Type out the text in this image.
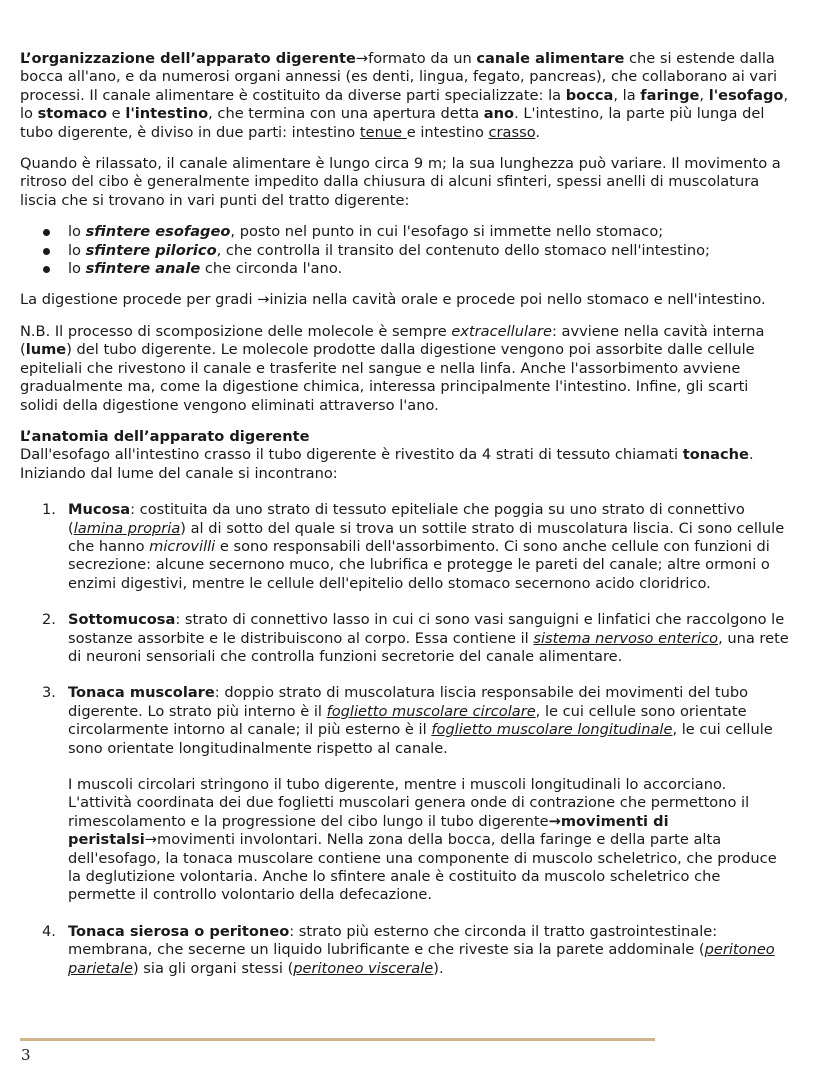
L’organizzazione dell’apparato digerente→formato da un canale alimentare che si estende dalla bocca all'ano, e da numerosi organi annessi (es denti, lingua, fegato, pancreas), che collaborano ai vari processi. Il canale alimentare è costituito da diverse parti specializzate: la bocca, la faringe, l'esofago, lo stomaco e l'intestino, che termina con una apertura detta ano. L'intestino, la parte più lunga del tubo digerente, è diviso in due parti: intestino tenue e intestino crasso.

Quando è rilassato, il canale alimentare è lungo circa 9 m; la sua lunghezza può variare. Il movimento a ritroso del cibo è generalmente impedito dalla chiusura di alcuni sfinteri, spessi anelli di muscolatura liscia che si trovano in vari punti del tratto digerente:

lo sfintere esofageo, posto nel punto in cui l'esofago si immette nello stomaco;
lo sfintere pilorico, che controlla il transito del contenuto dello stomaco nell'intestino;
lo sfintere anale che circonda l'ano.

La digestione procede per gradi →inizia nella cavità orale e procede poi nello stomaco e nell'intestino.

N.B. Il processo di scomposizione delle molecole è sempre extracellulare: avviene nella cavità interna (lume) del tubo digerente. Le molecole prodotte dalla digestione vengono poi assorbite dalle cellule epiteliali che rivestono il canale e trasferite nel sangue e nella linfa. Anche l'assorbimento avviene gradualmente ma, come la digestione chimica, interessa principalmente l'intestino. Infine, gli scarti solidi della digestione vengono eliminati attraverso l'ano.

L’anatomia dell’apparato digerente

Dall'esofago all'intestino crasso il tubo digerente è rivestito da 4 strati di tessuto chiamati tonache. Iniziando dal lume del canale si incontrano:

1. Mucosa: costituita da uno strato di tessuto epiteliale che poggia su uno strato di connettivo (lamina propria) al di sotto del quale si trova un sottile strato di muscolatura liscia. Ci sono cellule che hanno microvilli e sono responsabili dell'assorbimento. Ci sono anche cellule con funzioni di secrezione: alcune secernono muco, che lubrifica e protegge le pareti del canale; altre ormoni o enzimi digestivi, mentre le cellule dell'epitelio dello stomaco secernono acido cloridrico.
2. Sottomucosa: strato di connettivo lasso in cui ci sono vasi sanguigni e linfatici che raccolgono le sostanze assorbite e le distribuiscono al corpo. Essa contiene il sistema nervoso enterico, una rete di neuroni sensoriali che controlla funzioni secretorie del canale alimentare.
3. Tonaca muscolare: doppio strato di muscolatura liscia responsabile dei movimenti del tubo digerente. Lo strato più interno è il foglietto muscolare circolare, le cui cellule sono orientate circolarmente intorno al canale; il più esterno è il foglietto muscolare longitudinale, le cui cellule sono orientate longitudinalmente rispetto al canale.

I muscoli circolari stringono il tubo digerente, mentre i muscoli longitudinali lo accorciano. L'attività coordinata dei due foglietti muscolari genera onde di contrazione che permettono il rimescolamento e la progressione del cibo lungo il tubo digerente→movimenti di peristalsi→movimenti involontari. Nella zona della bocca, della faringe e della parte alta dell'esofago, la tonaca muscolare contiene una componente di muscolo scheletrico, che produce la deglutizione volontaria. Anche lo sfintere anale è costituito da muscolo scheletrico che permette il controllo volontario della defecazione.

4. Tonaca sierosa o peritoneo: strato più esterno che circonda il tratto gastrointestinale: membrana, che secerne un liquido lubrificante e che riveste sia la parete addominale (peritoneo parietale) sia gli organi stessi (peritoneo viscerale).
3
